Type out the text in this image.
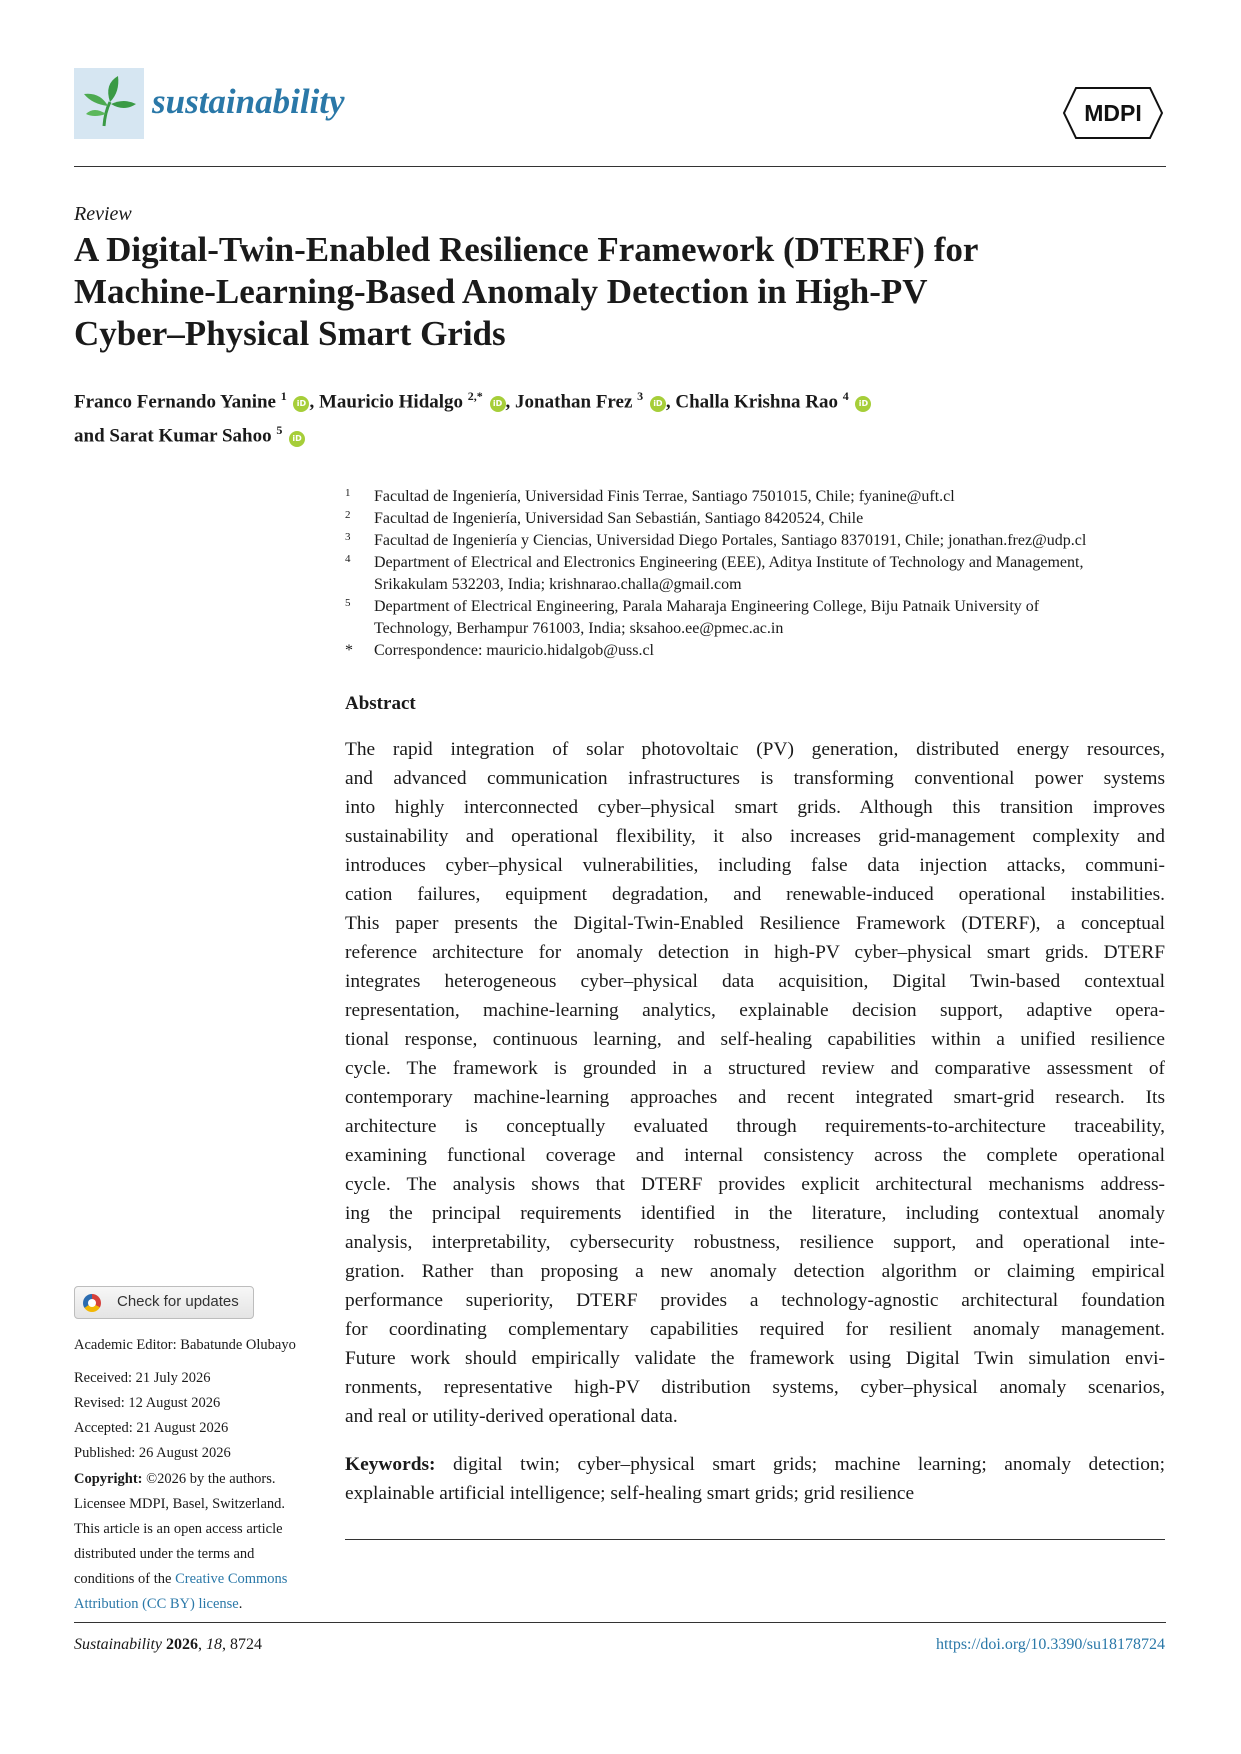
sustainability	MDPI
Review
A Digital-Twin-Enabled Resilience Framework (DTERF) for
Machine-Learning-Based Anomaly Detection in High-PV
Cyber–Physical Smart Grids
Franco Fernando Yanine $^1$ iD , Mauricio Hidalgo $^{2,*}$ iD , Jonathan Frez $^3$ iD , Challa Krishna Rao $^4$ iD
and Sarat Kumar Sahoo $^5$ iD
1 Facultad de Ingeniería, Universidad Finis Terrae, Santiago 7501015, Chile; fyanine@uft.cl
2 Facultad de Ingeniería, Universidad San Sebastián, Santiago 8420524, Chile
3 Facultad de Ingeniería y Ciencias, Universidad Diego Portales, Santiago 8370191, Chile; jonathan.frez@udp.cl
4 Department of Electrical and Electronics Engineering (EEE), Aditya Institute of Technology and Management,
Srikakulam 532203, India; krishnarao.challa@gmail.com
5 Department of Electrical Engineering, Parala Maharaja Engineering College, Biju Patnaik University of
Technology, Berhampur 761003, India; sksahoo.ee@pmec.ac.in
* Correspondence: mauricio.hidalgob@uss.cl
Abstract
The rapid integration of solar photovoltaic (PV) generation, distributed energy resources,
and advanced communication infrastructures is transforming conventional power systems
into highly interconnected cyber–physical smart grids. Although this transition improves
sustainability and operational flexibility, it also increases grid-management complexity and
introduces cyber–physical vulnerabilities, including false data injection attacks, communi-
cation failures, equipment degradation, and renewable-induced operational instabilities.
This paper presents the Digital-Twin-Enabled Resilience Framework (DTERF), a conceptual
reference architecture for anomaly detection in high-PV cyber–physical smart grids. DTERF
integrates heterogeneous cyber–physical data acquisition, Digital Twin-based contextual
representation, machine-learning analytics, explainable decision support, adaptive opera-
tional response, continuous learning, and self-healing capabilities within a unified resilience
cycle. The framework is grounded in a structured review and comparative assessment of
contemporary machine-learning approaches and recent integrated smart-grid research. Its
architecture is conceptually evaluated through requirements-to-architecture traceability,
examining functional coverage and internal consistency across the complete operational
cycle. The analysis shows that DTERF provides explicit architectural mechanisms address-
ing the principal requirements identified in the literature, including contextual anomaly
analysis, interpretability, cybersecurity robustness, resilience support, and operational inte-
gration. Rather than proposing a new anomaly detection algorithm or claiming empirical
performance superiority, DTERF provides a technology-agnostic architectural foundation
for coordinating complementary capabilities required for resilient anomaly management.
Future work should empirically validate the framework using Digital Twin simulation envi-
ronments, representative high-PV distribution systems, cyber–physical anomaly scenarios,
and real or utility-derived operational data.
Keywords: digital twin; cyber–physical smart grids; machine learning; anomaly detection;
explainable artificial intelligence; self-healing smart grids; grid resilience
Check for updates
Academic Editor: Babatunde Olubayo
Received: 21 July 2026
Revised: 12 August 2026
Accepted: 21 August 2026
Published: 26 August 2026
Copyright: ©2026 by the authors.
Licensee MDPI, Basel, Switzerland.
This article is an open access article
distributed under the terms and
conditions of the Creative Commons
Attribution (CC BY) license.
Sustainability 2026, 18, 8724	https://doi.org/10.3390/su18178724
